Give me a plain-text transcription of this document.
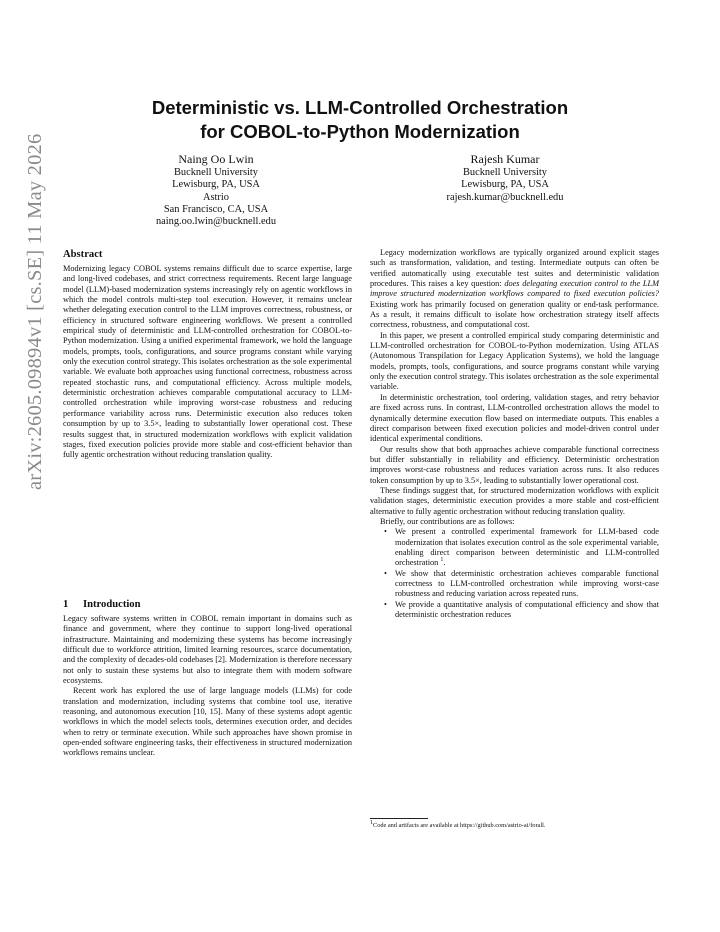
arXiv:2605.09894v1 [cs.SE] 11 May 2026
Deterministic vs. LLM-Controlled Orchestration
for COBOL-to-Python Modernization
Naing Oo Lwin
Bucknell University
Lewisburg, PA, USA
Astrio
San Francisco, CA, USA
naing.oo.lwin@bucknell.edu
Rajesh Kumar
Bucknell University
Lewisburg, PA, USA
rajesh.kumar@bucknell.edu
Abstract

Modernizing legacy COBOL systems remains difficult due to scarce expertise, large and long-lived codebases, and strict correctness requirements. Recent large language model (LLM)-based modernization systems increasingly rely on agentic workflows in which the model controls multi-step tool execution. However, it remains unclear whether delegating execution control to the LLM improves correctness, robustness, or efficiency in structured software engineering workflows. We present a controlled empirical study of deterministic and LLM-controlled orchestration for COBOL-to-Python modernization. Using a unified experimental framework, we hold the language models, prompts, tools, configurations, and source programs constant while varying only the execution control strategy. This isolates orchestration as the sole experimental variable. We evaluate both approaches using functional correctness, robustness across repeated stochastic runs, and computational efficiency. Across multiple models, deterministic orchestration achieves comparable computational accuracy to LLM-controlled orchestration while improving worst-case robustness and reducing performance variability across runs. Deterministic execution also reduces token consumption by up to 3.5×, leading to substantially lower operational cost. These results suggest that, in structured modernization workflows with explicit validation stages, fixed execution policies provide more stable and cost-efficient behavior than fully agentic orchestration without reducing translation quality.

1 Introduction

Legacy software systems written in COBOL remain important in domains such as finance and government, where they continue to support long-lived operational infrastructure. Maintaining and modernizing these systems has become increasingly difficult due to workforce attrition, limited learning resources, scarce documentation, and the complexity of decades-old codebases [2]. Modernization is therefore necessary not only to sustain these systems but also to integrate them with modern software ecosystems.

Recent work has explored the use of large language models (LLMs) for code translation and modernization, including systems that combine tool use, iterative reasoning, and autonomous execution [10, 15]. Many of these systems adopt agentic workflows in which the model selects tools, determines execution order, and decides when to retry or terminate execution. While such approaches have shown promise in open-ended software engineering tasks, their effectiveness in structured modernization workflows remains unclear.

Legacy modernization workflows are typically organized around explicit stages such as transformation, validation, and testing. Intermediate outputs can often be verified automatically using executable test suites and deterministic validation procedures. This raises a key question: does delegating execution control to the LLM improve structured modernization workflows compared to fixed execution policies? Existing work has primarily focused on generation quality or end-task performance. As a result, it remains difficult to isolate how orchestration strategy itself affects correctness, robustness, and computational cost.

In this paper, we present a controlled empirical study comparing deterministic and LLM-controlled orchestration for COBOL-to-Python modernization. Using ATLAS (Autonomous Transpilation for Legacy Application Systems), we hold the language models, prompts, tools, configurations, and source programs constant while varying only the execution control strategy. This isolates orchestration as the sole experimental variable.

In deterministic orchestration, tool ordering, validation stages, and retry behavior are fixed across runs. In contrast, LLM-controlled orchestration allows the model to dynamically determine execution flow based on intermediate outputs. This enables a direct comparison between fixed execution policies and model-driven control under identical experimental conditions.

Our results show that both approaches achieve comparable functional correctness but differ substantially in reliability and efficiency. Deterministic orchestration improves worst-case robustness and reduces variation across runs. It also reduces token consumption by up to 3.5×, leading to substantially lower operational cost.

These findings suggest that, for structured modernization workflows with explicit validation stages, deterministic execution provides a more stable and cost-efficient alternative to fully agentic orchestration without reducing translation quality.

Briefly, our contributions are as follows:

• We present a controlled experimental framework for LLM-based code modernization that isolates execution control as the sole experimental variable, enabling direct comparison between deterministic and LLM-controlled orchestration $^1$.
• We show that deterministic orchestration achieves comparable functional correctness to LLM-controlled orchestration while improving worst-case robustness and reducing variation across repeated runs.
• We provide a quantitative analysis of computational efficiency and show that deterministic orchestration reduces
$^1$Code and artifacts are available at https://github.com/astrio-ai/forall.
